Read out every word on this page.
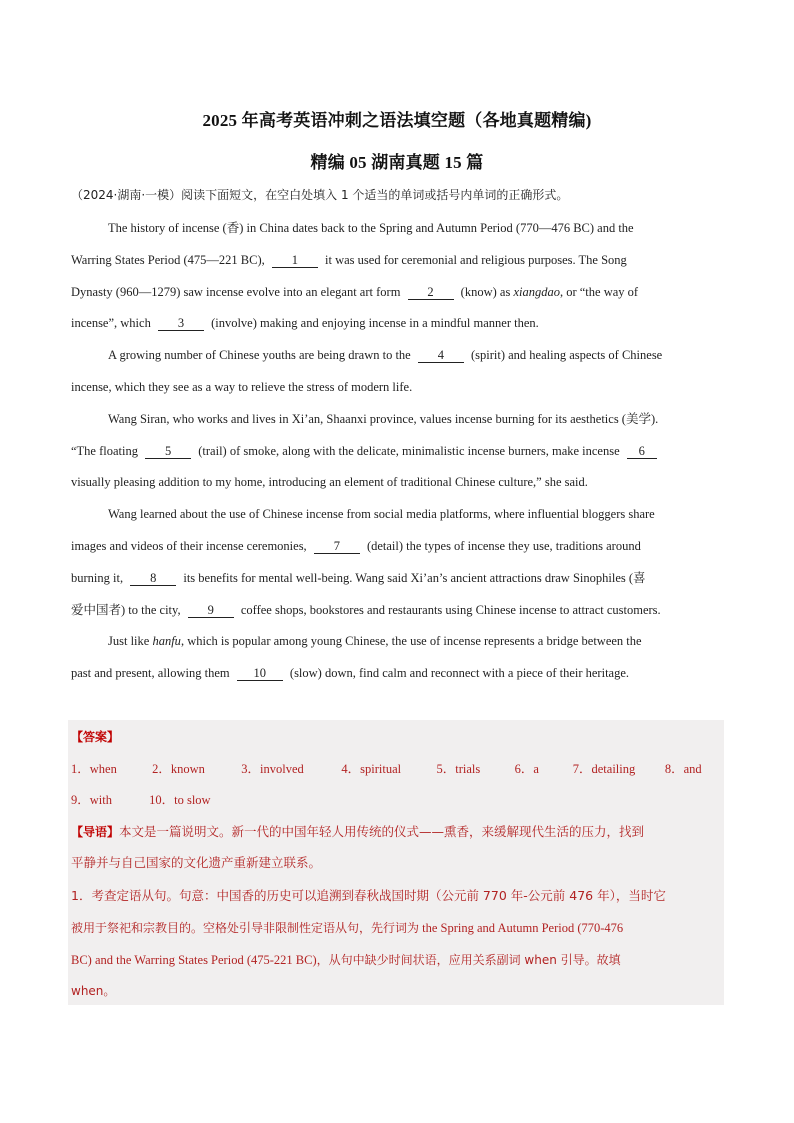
2025 年高考英语冲刺之语法填空题（各地真题精编)
精编 05 湖南真题 15 篇
（2024·湖南·一模）阅读下面短文，在空白处填入 1 个适当的单词或括号内单词的正确形式。
The history of incense (香) in China dates back to the Spring and Autumn Period (770—476 BC) and the
Warring States Period (475—221 BC), 1 it was used for ceremonial and religious purposes. The Song
Dynasty (960—1279) saw incense evolve into an elegant art form 2 (know) as xiangdao, or “the way of
incense”, which 3 (involve) making and enjoying incense in a mindful manner then.
A growing number of Chinese youths are being drawn to the 4 (spirit) and healing aspects of Chinese
incense, which they see as a way to relieve the stress of modern life.
Wang Siran, who works and lives in Xi’an, Shaanxi province, values incense burning for its aesthetics (美学).
“The floating 5 (trail) of smoke, along with the delicate, minimalistic incense burners, make incense 6
visually pleasing addition to my home, introducing an element of traditional Chinese culture,” she said.
Wang learned about the use of Chinese incense from social media platforms, where influential bloggers share
images and videos of their incense ceremonies, 7 (detail) the types of incense they use, traditions around
burning it, 8 its benefits for mental well-being. Wang said Xi’an’s ancient attractions draw Sinophiles (喜
爱中国者) to the city, 9 coffee shops, bookstores and restaurants using Chinese incense to attract customers.
Just like hanfu, which is popular among young Chinese, the use of incense represents a bridge between the
past and present, allowing them 10 (slow) down, find calm and reconnect with a piece of their heritage.
【答案】
1．when	2．known	3．involved	4．spiritual	5．trials	6．a	7．detailing 8．and
9．with	10．to slow
【导语】本文是一篇说明文。新一代的中国年轻人用传统的仪式——熏香，来缓解现代生活的压力，找到
平静并与自己国家的文化遗产重新建立联系。
1．考查定语从句。句意：中国香的历史可以追溯到春秋战国时期（公元前 770 年-公元前 476 年），当时它
被用于祭祀和宗教目的。空格处引导非限制性定语从句，先行词为 the Spring and Autumn Period (770-476
BC) and the Warring States Period (475-221 BC)，从句中缺少时间状语，应用关系副词 when 引导。故填
when。
